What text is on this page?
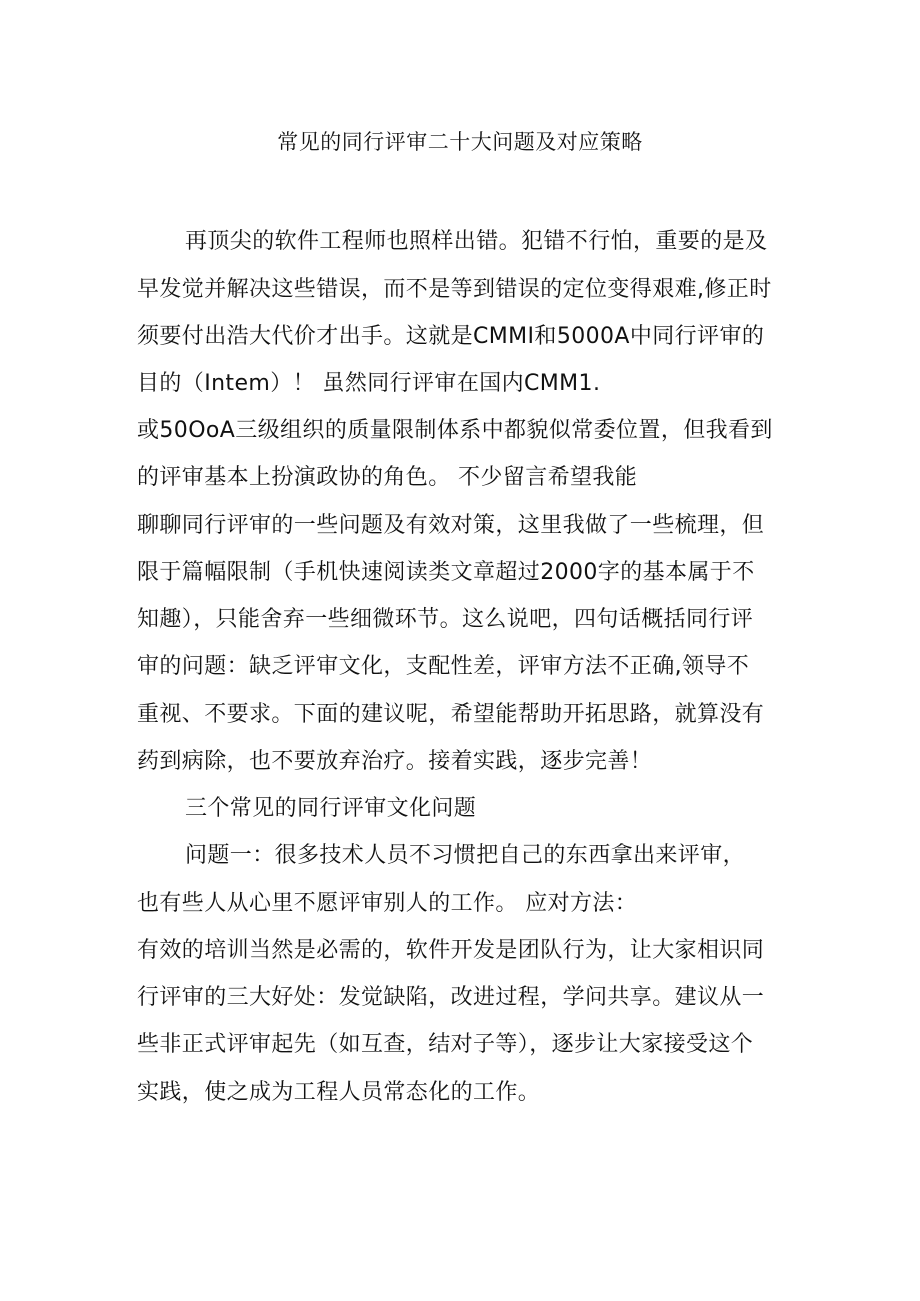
常见的同行评审二十大问题及对应策略
再顶尖的软件工程师也照样出错。犯错不行怕，重要的是及
早发觉并解决这些错误，而不是等到错误的定位变得艰难,修正时
须要付出浩大代价才出手。这就是CMMI和5000A中同行评审的
目的（Intem）！ 虽然同行评审在国内CMM1.
或50OoA三级组织的质量限制体系中都貌似常委位置，但我看到
的评审基本上扮演政协的角色。 不少留言希望我能
聊聊同行评审的一些问题及有效对策，这里我做了一些梳理，但
限于篇幅限制（手机快速阅读类文章超过2000字的基本属于不
知趣），只能舍弃一些细微环节。这么说吧，四句话概括同行评
审的问题：缺乏评审文化，支配性差，评审方法不正确,领导不
重视、不要求。下面的建议呢，希望能帮助开拓思路，就算没有
药到病除，也不要放弃治疗。接着实践，逐步完善！
三个常见的同行评审文化问题
问题一：很多技术人员不习惯把自己的东西拿出来评审，
也有些人从心里不愿评审别人的工作。 应对方法：
有效的培训当然是必需的，软件开发是团队行为，让大家相识同
行评审的三大好处：发觉缺陷，改进过程，学问共享。建议从一
些非正式评审起先（如互查，结对子等），逐步让大家接受这个
实践，使之成为工程人员常态化的工作。
